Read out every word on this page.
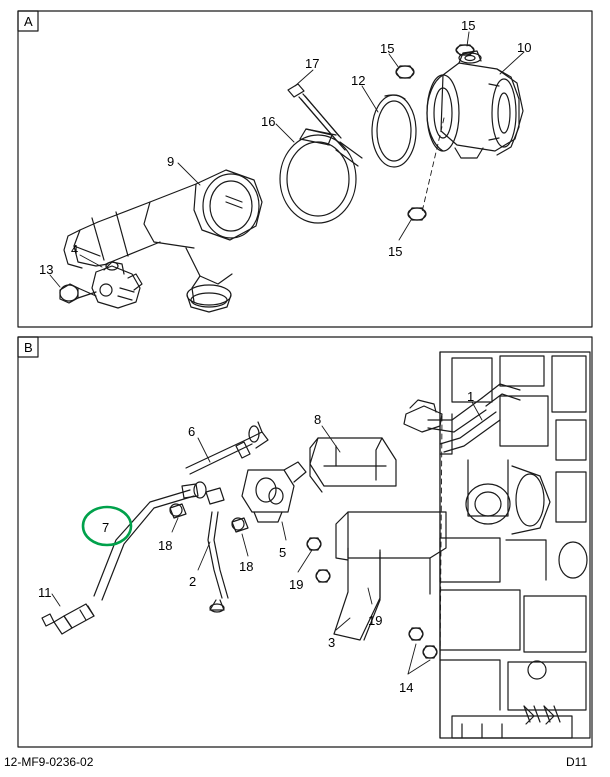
A
B
9
17
16
12
15
15
10
15
4
13
1
8
6
7
18
18
5
2
11
19
19
3
14
12-MF9-0236-02	D11
